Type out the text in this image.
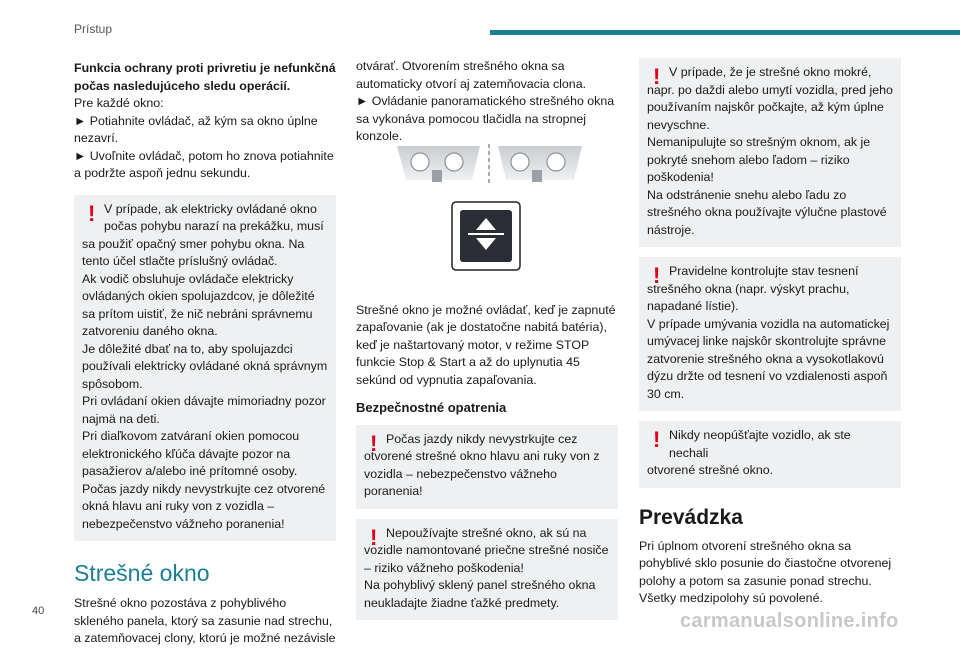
Prístup

Funkcia ochrany proti privretiu je nefunkčná počas nasledujúceho sledu operácií.

Pre každé okno:

► Potiahnite ovládač, až kým sa okno úplne nezavrí.

► Uvoľnite ovládač, potom ho znova potiahnite a podržte aspoň jednu sekundu.

! V prípade, ak elektricky ovládané okno počas pohybu narazí na prekážku, musí

sa použiť opačný smer pohybu okna. Na tento účel stlačte príslušný ovládač.
Ak vodič obsluhuje ovládače elektricky ovládaných okien spolujazdcov, je dôležité sa prítom uistiť, že nič nebráni správnemu zatvoreniu daného okna.
Je dôležité dbať na to, aby spolujazdci používali elektricky ovládané okná správnym spôsobom.
Pri ovládaní okien dávajte mimoriadny pozor najmä na deti.
Pri diaľkovom zatváraní okien pomocou elektronického kľúča dávajte pozor na pasažierov a/alebo iné prítomné osoby.
Počas jazdy nikdy nevystrkujte cez otvorené okná hlavu ani ruky von z vozidla – nebezpečenstvo vážneho poranenia!

Strešné okno

Strešné okno pozostáva z pohyblivého skleného panela, ktorý sa zasunie nad strechu, a zatemňovacej clony, ktorú je možné nezávisle

otvárať. Otvorením strešného okna sa automaticky otvorí aj zatemňovacia clona.

► Ovládanie panoramatického strešného okna sa vykonáva pomocou tlačidla na stropnej konzole.

Strešné okno je možné ovládať, keď je zapnuté zapaľovanie (ak je dostatočne nabitá batéria), keď je naštartovaný motor, v režime STOP funkcie Stop & Start a až do uplynutia 45 sekúnd od vypnutia zapaľovania.

Bezpečnostné opatrenia

! Počas jazdy nikdy nevystrkujte cez

otvorené strešné okno hlavu ani ruky von z vozidla – nebezpečenstvo vážneho poranenia!

! Nepoužívajte strešné okno, ak sú na

vozidle namontované priečne strešné nosiče – riziko vážneho poškodenia!
Na pohyblivý sklený panel strešného okna neukladajte žiadne ťažké predmety.

! V prípade, že je strešné okno mokré,

napr. po daždi alebo umytí vozidla, pred jeho používaním najskôr počkajte, až kým úplne nevyschne.
Nemanipulujte so strešným oknom, ak je pokryté snehom alebo ľadom – riziko poškodenia!
Na odstránenie snehu alebo ľadu zo strešného okna používajte výlučne plastové nástroje.

! Pravidelne kontrolujte stav tesnení

strešného okna (napr. výskyt prachu, napadané lístie).
V prípade umývania vozidla na automatickej umývacej linke najskôr skontrolujte správne zatvorenie strešného okna a vysokotlakovú dýzu držte od tesnení vo vzdialenosti aspoň 30 cm.

! Nikdy neopúšťajte vozidlo, ak ste nechali

otvorené strešné okno.

Prevádzka

Pri úplnom otvorení strešného okna sa pohyblivé sklo posunie do čiastočne otvorenej polohy a potom sa zasunie ponad strechu. Všetky medzipolohy sú povolené.

40	carmanualsonline.info
